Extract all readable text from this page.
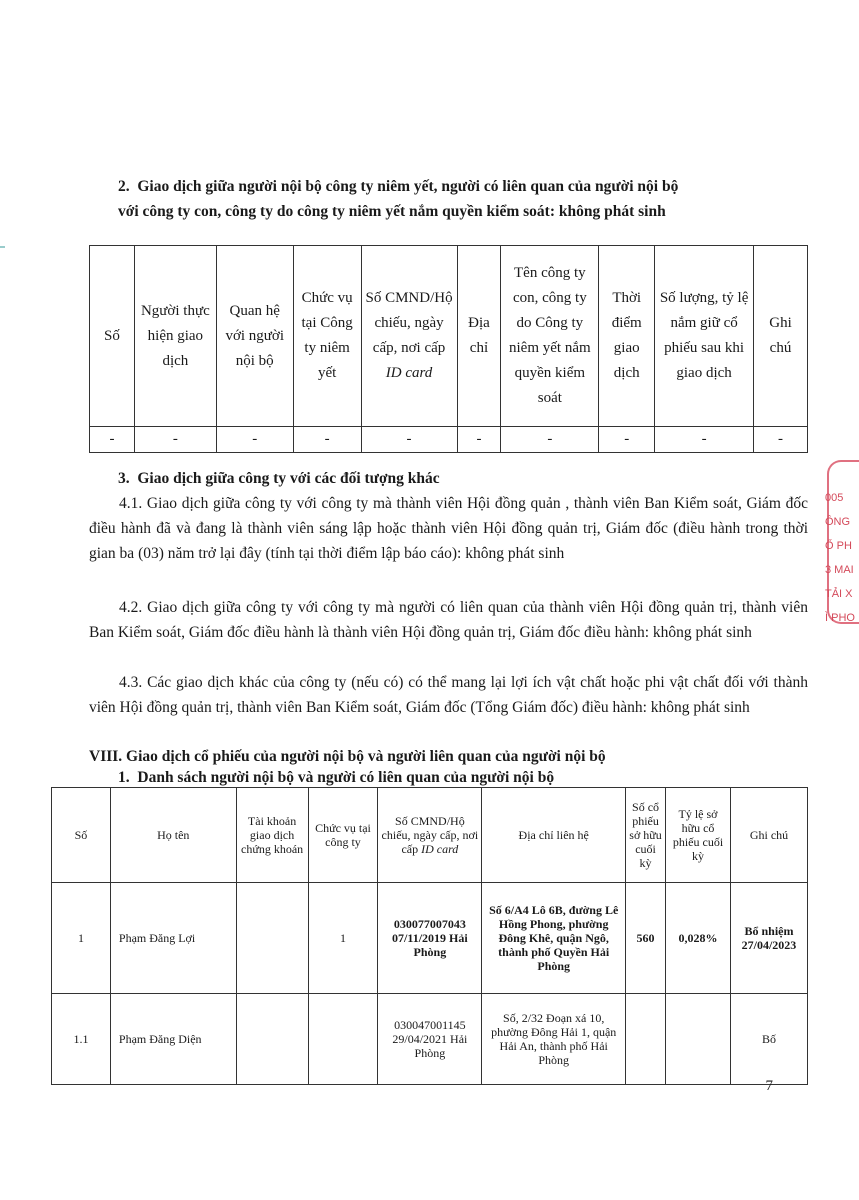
2.  Giao dịch giữa người nội bộ công ty niêm yết, người có liên quan của người nội bộ
với công ty con, công ty do công ty niêm yết nắm quyền kiểm soát: không phát sinh
Số	Người thực hiện giao dịch	Quan hệ với người nội bộ	Chức vụ tại Công ty niêm yết	Số CMND/Hộ chiếu, ngày cấp, nơi cấp ID card	Địa chỉ	Tên công ty con, công ty do Công ty niêm yết nắm quyền kiểm soát	Thời điểm giao dịch	Số lượng, tỷ lệ nắm giữ cổ phiếu sau khi giao dịch	Ghi chú
-	-	-	-	-	-	-	-	-	-
3.  Giao dịch giữa công ty với các đối tượng khác
4.1. Giao dịch giữa công ty với công ty mà thành viên Hội đồng quản , thành viên Ban Kiểm soát, Giám đốc điều hành đã và đang là thành viên sáng lập hoặc thành viên Hội đồng quản trị, Giám đốc (điều hành trong thời gian ba (03) năm trở lại đây (tính tại thời điểm lập báo cáo): không phát sinh
4.2. Giao dịch giữa công ty với công ty mà người có liên quan của thành viên Hội đồng quản trị, thành viên Ban Kiểm soát, Giám đốc điều hành là thành viên Hội đồng quản trị, Giám đốc điều hành: không phát sinh
4.3. Các giao dịch khác của công ty (nếu có) có thể mang lại lợi ích vật chất hoặc phi vật chất đối với thành viên Hội đồng quản trị, thành viên Ban Kiểm soát, Giám đốc (Tổng Giám đốc) điều hành: không phát sinh
VIII. Giao dịch cổ phiếu của người nội bộ và người liên quan của người nội bộ
1.  Danh sách người nội bộ và người có liên quan của người nội bộ
Số	Họ tên	Tài khoản giao dịch chứng khoán	Chức vụ tại công ty	Số CMND/Hộ chiếu, ngày cấp, nơi cấp ID card	Địa chỉ liên hệ	Số cổ phiếu sở hữu cuối kỳ	Tỷ lệ sở hữu cổ phiếu cuối kỳ	Ghi chú
1	Phạm Đăng Lợi		1	030077007043 07/11/2019 Hải Phòng	Số 6/A4 Lô 6B, đường Lê Hồng Phong, phường Đông Khê, quận Ngô, thành phố Quyền Hải Phòng	560	0,028%	Bổ nhiệm 27/04/2023
1.1	Phạm Đăng Diện			030047001145 29/04/2021 Hải Phòng	Số, 2/32 Đoạn xá 10, phường Đông Hải 1, quận Hải An, thành phố Hải Phòng			Bố
005
ÔNG
Ổ PH
3 MAI
TẢI X
Ì PHO
7
